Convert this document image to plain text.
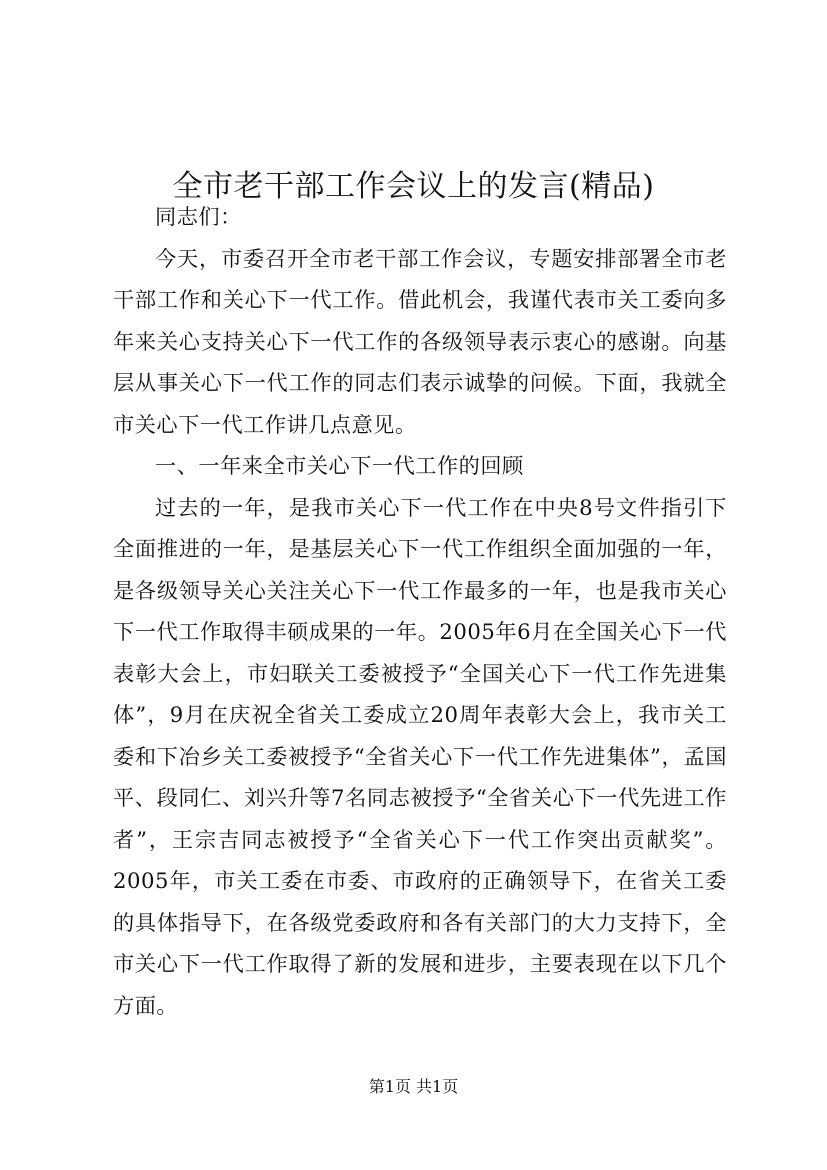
全市老干部工作会议上的发言(精品)

同志们：

今天，市委召开全市老干部工作会议，专题安排部署全市老干部工作和关心下一代工作。借此机会，我谨代表市关工委向多年来关心支持关心下一代工作的各级领导表示衷心的感谢。向基层从事关心下一代工作的同志们表示诚挚的问候。下面，我就全市关心下一代工作讲几点意见。

一、一年来全市关心下一代工作的回顾

过去的一年，是我市关心下一代工作在中央8号文件指引下全面推进的一年，是基层关心下一代工作组织全面加强的一年，是各级领导关心关注关心下一代工作最多的一年，也是我市关心下一代工作取得丰硕成果的一年。2005年6月在全国关心下一代表彰大会上，市妇联关工委被授予“全国关心下一代工作先进集体”，9月在庆祝全省关工委成立20周年表彰大会上，我市关工委和下冶乡关工委被授予“全省关心下一代工作先进集体”，孟国平、段同仁、刘兴升等7名同志被授予“全省关心下一代先进工作者”，王宗吉同志被授予“全省关心下一代工作突出贡献奖”。2005年，市关工委在市委、市政府的正确领导下，在省关工委的具体指导下，在各级党委政府和各有关部门的大力支持下，全市关心下一代工作取得了新的发展和进步，主要表现在以下几个方面。

第1页 共1页
